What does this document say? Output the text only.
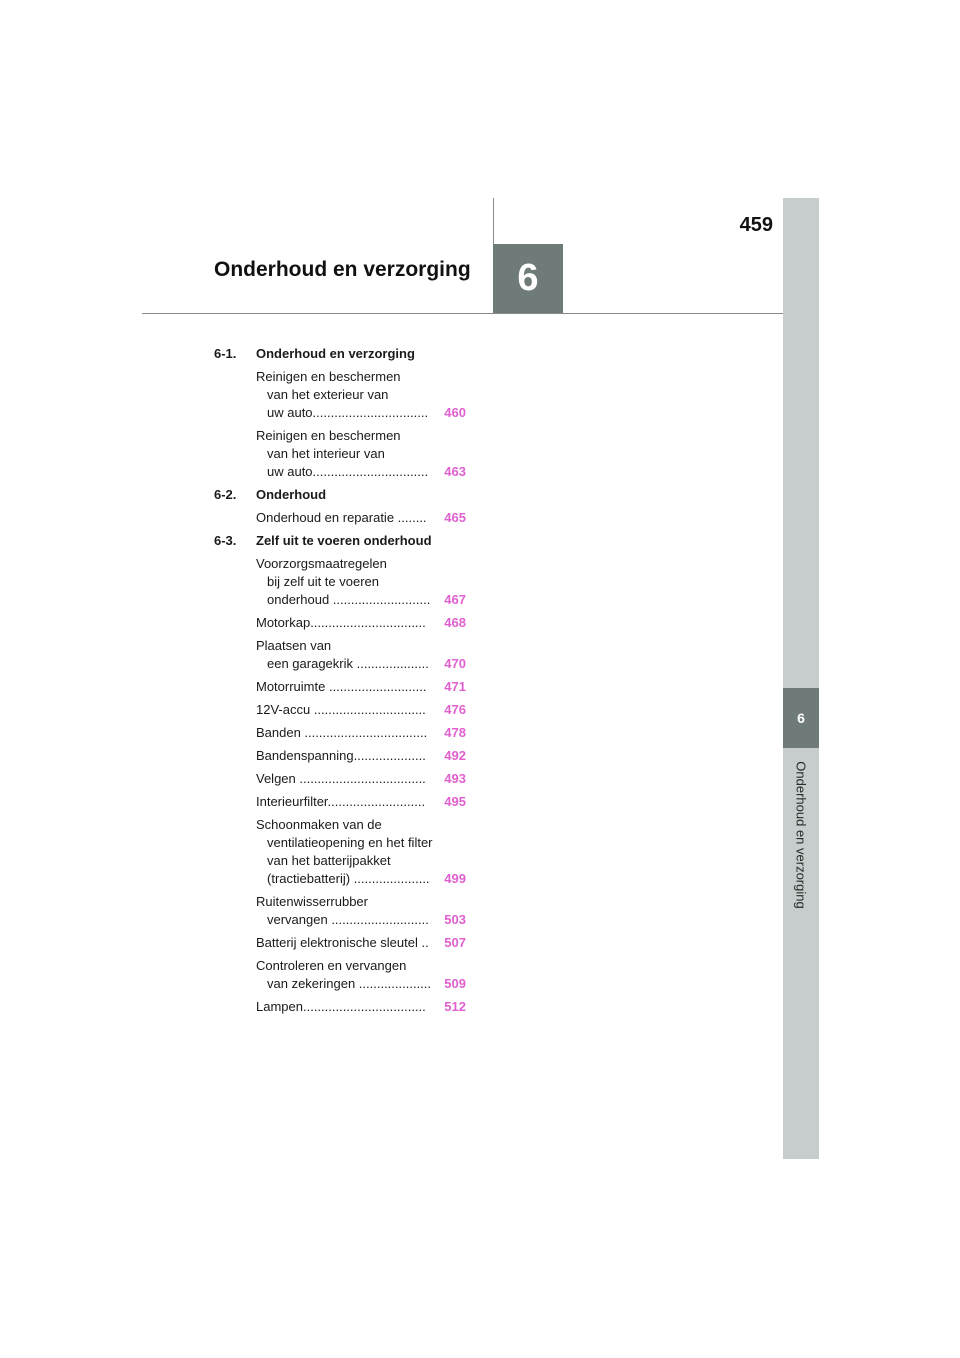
6
Onderhoud en verzorging
459
6
Onderhoud en verzorging
6-1.	Onderhoud en verzorging
Reinigen en beschermen
van het exterieur van
uw auto................................	460
Reinigen en beschermen
van het interieur van
uw auto................................	463
6-2.	Onderhoud
Onderhoud en reparatie ........	465
6-3.	Zelf uit te voeren onderhoud
Voorzorgsmaatregelen
bij zelf uit te voeren
onderhoud ...........................	467
Motorkap................................	468
Plaatsen van
een garagekrik ....................	470
Motorruimte ...........................	471
12V-accu ...............................	476
Banden ..................................	478
Bandenspanning....................	492
Velgen ...................................	493
Interieurfilter...........................	495
Schoonmaken van de
ventilatieopening en het filter
van het batterijpakket
(tractiebatterij) .....................	499
Ruitenwisserrubber
vervangen ...........................	503
Batterij elektronische sleutel ..	507
Controleren en vervangen
van zekeringen ....................	509
Lampen..................................	512
